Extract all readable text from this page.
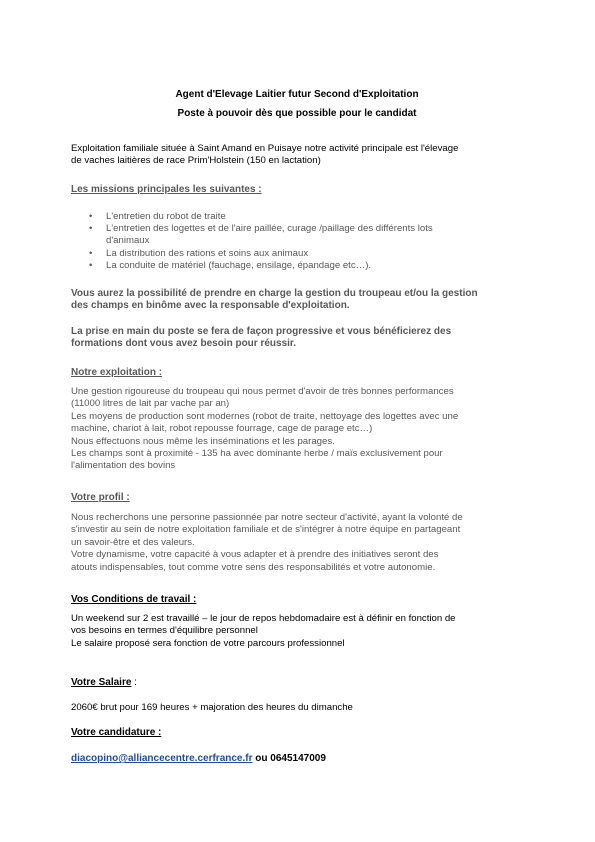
Agent d'Elevage Laitier futur Second d'Exploitation
Poste à pouvoir dès que possible pour le candidat
Exploitation familiale située à Saint Amand en Puisaye notre activité principale est l'élevage
de vaches laitières de race Prim'Holstein (150 en lactation)
Les missions principales les suivantes :
• L'entretien du robot de traite
• L'entretien des logettes et de l'aire paillée, curage /paillage des différents lots
d'animaux
• La distribution des rations et soins aux animaux
• La conduite de matériel (fauchage, ensilage, épandage etc…).
Vous aurez la possibilité de prendre en charge la gestion du troupeau et/ou la gestion
des champs en binôme avec la responsable d'exploitation.
La prise en main du poste se fera de façon progressive et vous bénéficierez des
formations dont vous avez besoin pour réussir.
Notre exploitation :
Une gestion rigoureuse du troupeau qui nous permet d'avoir de très bonnes performances
(11000 litres de lait par vache par an)
Les moyens de production sont modernes (robot de traite, nettoyage des logettes avec une
machine, chariot à lait, robot repousse fourrage, cage de parage etc…)
Nous effectuons nous même les inséminations et les parages.
Les champs sont à proximité - 135 ha avec dominante herbe / maïs exclusivement pour
l'alimentation des bovins
Votre profil :
Nous recherchons une personne passionnée par notre secteur d'activité, ayant la volonté de
s'investir au sein de notre exploitation familiale et de s'intégrer à notre équipe en partageant
un savoir-être et des valeurs.
Votre dynamisme, votre capacité à vous adapter et à prendre des initiatives seront des
atouts indispensables, tout comme votre sens des responsabilités et votre autonomie.
Vos Conditions de travail :
Un weekend sur 2 est travaillé – le jour de repos hebdomadaire est à définir en fonction de
vos besoins en termes d'équilibre personnel
Le salaire proposé sera fonction de votre parcours professionnel
Votre Salaire :
2060€ brut pour 169 heures + majoration des heures du dimanche
Votre candidature :
diacopino@alliancecentre.cerfrance.fr ou 0645147009
